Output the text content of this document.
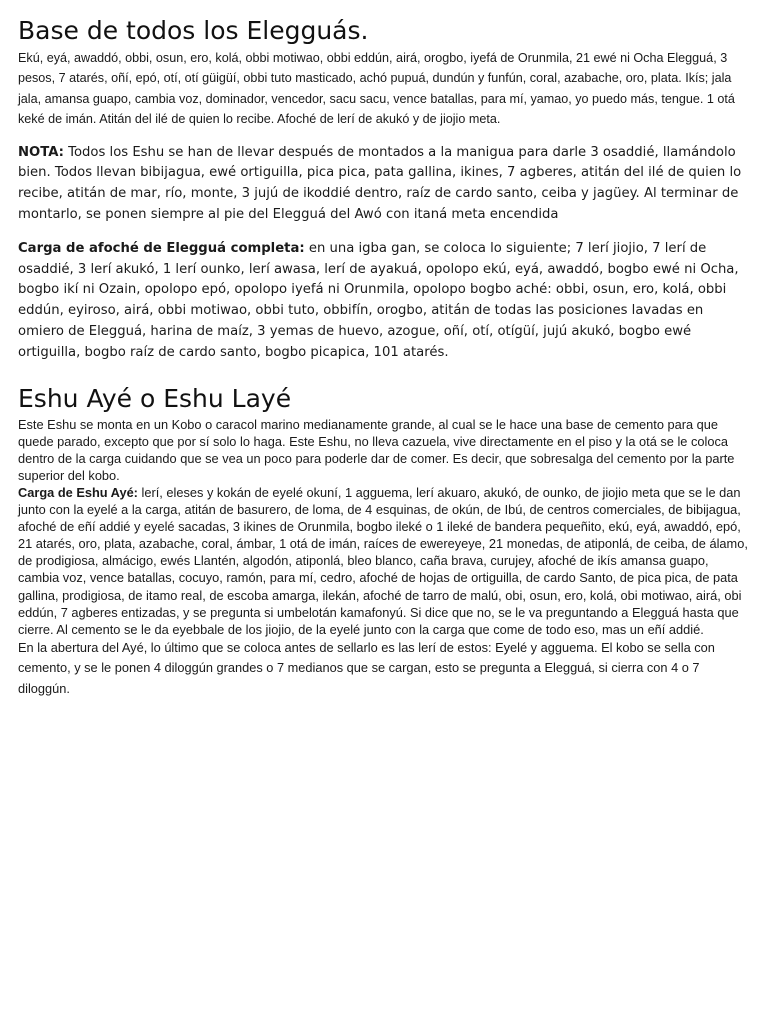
Base de todos los Elegguás.

Ekú, eyá, awaddó, obbi, osun, ero, kolá, obbi motiwao, obbi eddún, airá, orogbo, iyefá de Orunmila, 21 ewé ni Ocha Elegguá, 3 pesos, 7 atarés, oñí, epó, otí, otí güigüí, obbi tuto masticado, achó pupuá, dundún y funfún, coral, azabache, oro, plata. Ikís; jala jala, amansa guapo, cambia voz, dominador, vencedor, sacu sacu, vence batallas, para mí, yamao, yo puedo más, tengue. 1 otá keké de imán. Atitán del ilé de quien lo recibe. Afoché de lerí de akukó y de jiojio meta.

NOTA: Todos los Eshu se han de llevar después de montados a la manigua para darle 3 osaddié, llamándolo bien. Todos llevan bibijagua, ewé ortiguilla, pica pica, pata gallina, ikines, 7 agberes, atitán del ilé de quien lo recibe, atitán de mar, río, monte, 3 jujú de ikoddié dentro, raíz de cardo santo, ceiba y jagüey. Al terminar de montarlo, se ponen siempre al pie del Elegguá del Awó con itaná meta encendida

Carga de afoché de Elegguá completa: en una igba gan, se coloca lo siguiente; 7 lerí jiojio, 7 lerí de osaddié, 3 lerí akukó, 1 lerí ounko, lerí awasa, lerí de ayakuá, opolopo ekú, eyá, awaddó, bogbo ewé ni Ocha, bogbo ikí ni Ozain, opolopo epó, opolopo iyefá ni Orunmila, opolopo bogbo aché: obbi, osun, ero, kolá, obbi eddún, eyiroso, airá, obbi motiwao, obbi tuto, obbifín, orogbo, atitán de todas las posiciones lavadas en omiero de Elegguá, harina de maíz, 3 yemas de huevo, azogue, oñí, otí, otígüí, jujú akukó, bogbo ewé ortiguilla, bogbo raíz de cardo santo, bogbo picapica, 101 atarés.

Eshu Ayé o Eshu Layé

Este Eshu se monta en un Kobo o caracol marino medianamente grande, al cual se le hace una base de cemento para que quede parado, excepto que por sí solo lo haga. Este Eshu, no lleva cazuela, vive directamente en el piso y la otá se le coloca dentro de la carga cuidando que se vea un poco para poderle dar de comer. Es decir, que sobresalga del cemento por la parte superior del kobo.

Carga de Eshu Ayé: lerí, eleses y kokán de eyelé okuní, 1 agguema, lerí akuaro, akukó, de ounko, de jiojio meta que se le dan junto con la eyelé a la carga, atitán de basurero, de loma, de 4 esquinas, de okún, de Ibú, de centros comerciales, de bibijagua, afoché de eñí addié y eyelé sacadas, 3 ikines de Orunmila, bogbo ileké o 1 ileké de bandera pequeñito, ekú, eyá, awaddó, epó, 21 atarés, oro, plata, azabache, coral, ámbar, 1 otá de imán, raíces de ewereyeye, 21 monedas, de atiponlá, de ceiba, de álamo, de prodigiosa, almácigo, ewés Llantén, algodón, atiponlá, bleo blanco, caña brava, curujey, afoché de ikís amansa guapo, cambia voz, vence batallas, cocuyo, ramón, para mí, cedro, afoché de hojas de ortiguilla, de cardo Santo, de pica pica, de pata gallina, prodigiosa, de itamo real, de escoba amarga, ilekán, afoché de tarro de malú, obi, osun, ero, kolá, obi motiwao, airá, obi eddún, 7 agberes entizadas, y se pregunta si umbelotán kamafonyú. Si dice que no, se le va preguntando a Elegguá hasta que cierre. Al cemento se le da eyebbale de los jiojio, de la eyelé junto con la carga que come de todo eso, mas un eñí addié.

En la abertura del Ayé, lo último que se coloca antes de sellarlo es las lerí de estos: Eyelé y agguema. El kobo se sella con cemento, y se le ponen 4 diloggún grandes o 7 medianos que se cargan, esto se pregunta a Elegguá, si cierra con 4 o 7 diloggún.
